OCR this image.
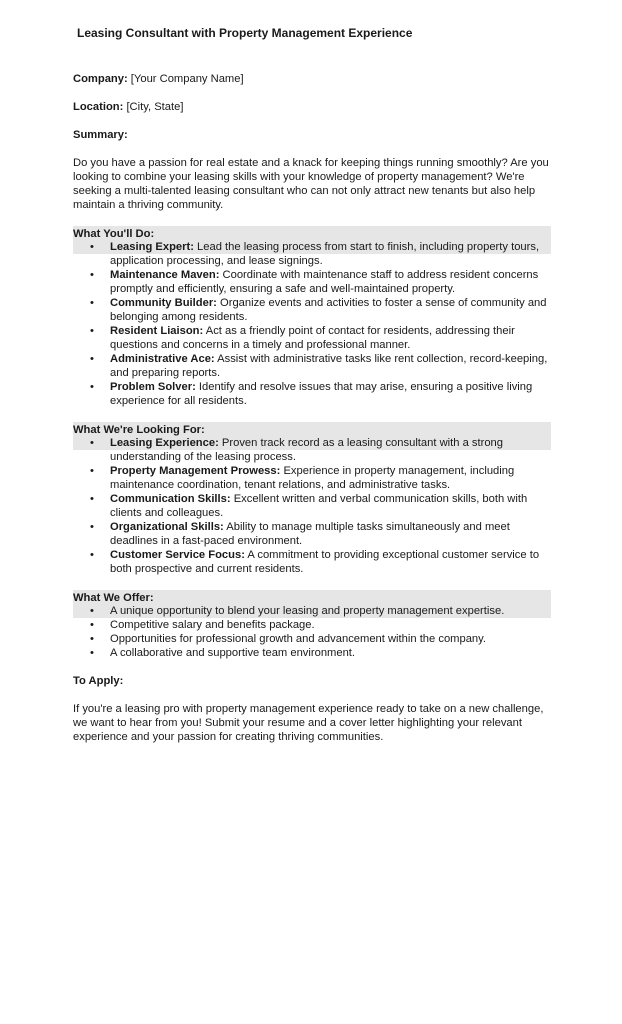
Leasing Consultant with Property Management Experience

Company: [Your Company Name]

Location: [City, State]

Summary:

Do you have a passion for real estate and a knack for keeping things running smoothly? Are you looking to combine your leasing skills with your knowledge of property management? We're seeking a multi-talented leasing consultant who can not only attract new tenants but also help maintain a thriving community.

What You'll Do:
•	Leasing Expert: Lead the leasing process from start to finish, including property tours, application processing, and lease signings.
•	Maintenance Maven: Coordinate with maintenance staff to address resident concerns promptly and efficiently, ensuring a safe and well-maintained property.
•	Community Builder: Organize events and activities to foster a sense of community and belonging among residents.
•	Resident Liaison: Act as a friendly point of contact for residents, addressing their questions and concerns in a timely and professional manner.
•	Administrative Ace: Assist with administrative tasks like rent collection, record-keeping, and preparing reports.
•	Problem Solver: Identify and resolve issues that may arise, ensuring a positive living experience for all residents.
What We're Looking For:
•	Leasing Experience: Proven track record as a leasing consultant with a strong understanding of the leasing process.
•	Property Management Prowess: Experience in property management, including maintenance coordination, tenant relations, and administrative tasks.
•	Communication Skills: Excellent written and verbal communication skills, both with clients and colleagues.
•	Organizational Skills: Ability to manage multiple tasks simultaneously and meet deadlines in a fast-paced environment.
•	Customer Service Focus: A commitment to providing exceptional customer service to both prospective and current residents.
What We Offer:
•	A unique opportunity to blend your leasing and property management expertise.
•	Competitive salary and benefits package.
•	Opportunities for professional growth and advancement within the company.
•	A collaborative and supportive team environment.

To Apply:

If you're a leasing pro with property management experience ready to take on a new challenge, we want to hear from you! Submit your resume and a cover letter highlighting your relevant experience and your passion for creating thriving communities.
